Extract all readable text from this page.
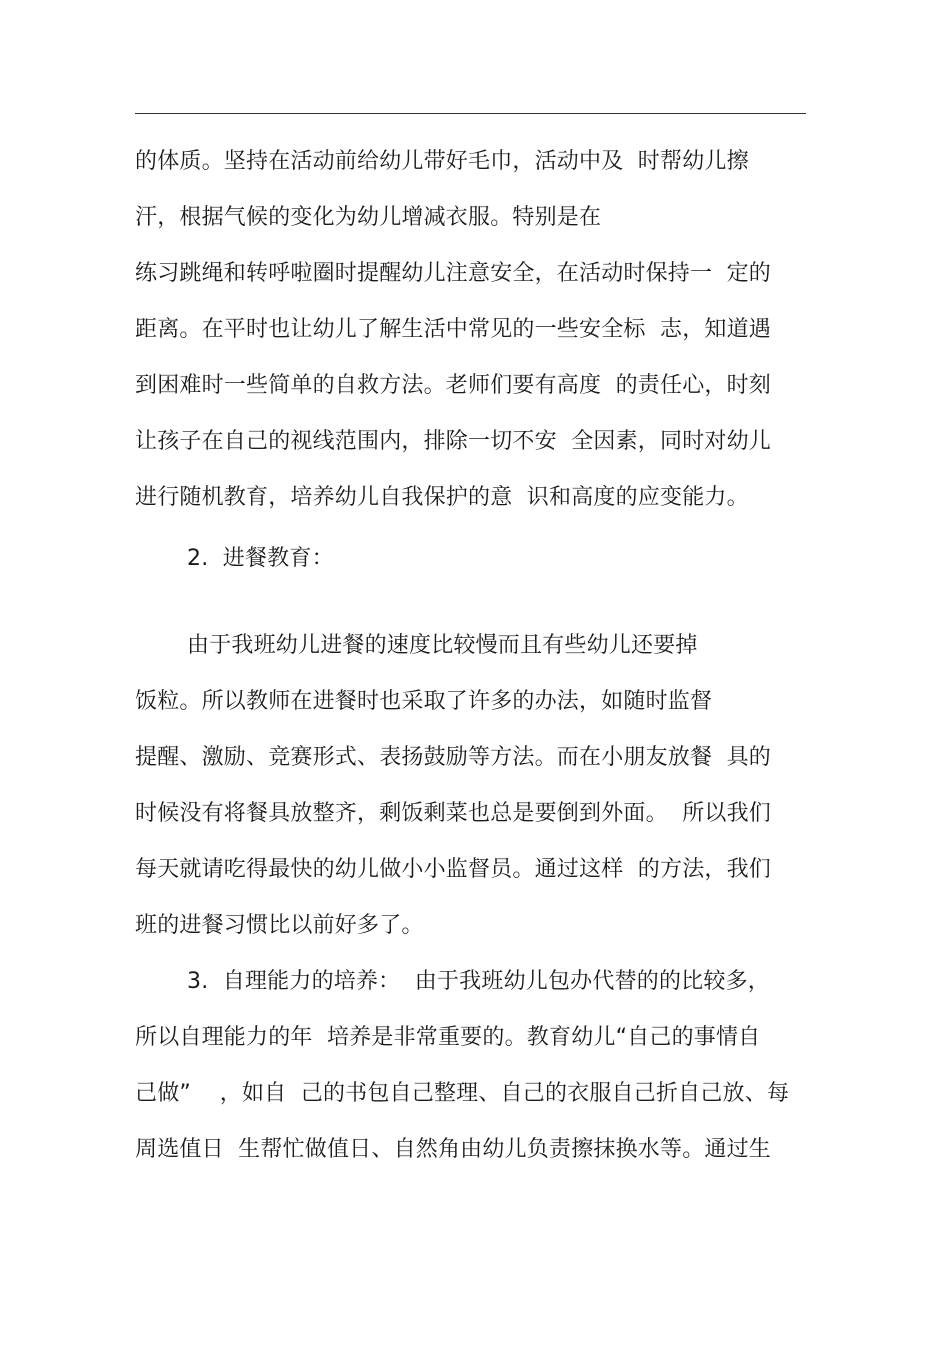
的体质。坚持在活动前给幼儿带好毛巾，活动中及  时帮幼儿擦
汗，根据气候的变化为幼儿增减衣服。特别是在
练习跳绳和转呼啦圈时提醒幼儿注意安全，在活动时保持一  定的
距离。在平时也让幼儿了解生活中常见的一些安全标  志，知道遇
到困难时一些简单的自救方法。老师们要有高度  的责任心，时刻
让孩子在自己的视线范围内，排除一切不安  全因素，同时对幼儿
进行随机教育，培养幼儿自我保护的意  识和高度的应变能力。
2.  进餐教育：
由于我班幼儿进餐的速度比较慢而且有些幼儿还要掉
饭粒。所以教师在进餐时也采取了许多的办法，如随时监督
提醒、激励、竞赛形式、表扬鼓励等方法。而在小朋友放餐  具的
时候没有将餐具放整齐，剩饭剩菜也总是要倒到外面。  所以我们
每天就请吃得最快的幼儿做小小监督员。通过这样  的方法，我们
班的进餐习惯比以前好多了。
3.  自理能力的培养：  由于我班幼儿包办代替的的比较多，
所以自理能力的年  培养是非常重要的。教育幼儿“自己的事情自
己做”    ，如自  己的书包自己整理、自己的衣服自己折自己放、每
周选值日  生帮忙做值日、自然角由幼儿负责擦抹换水等。通过生
